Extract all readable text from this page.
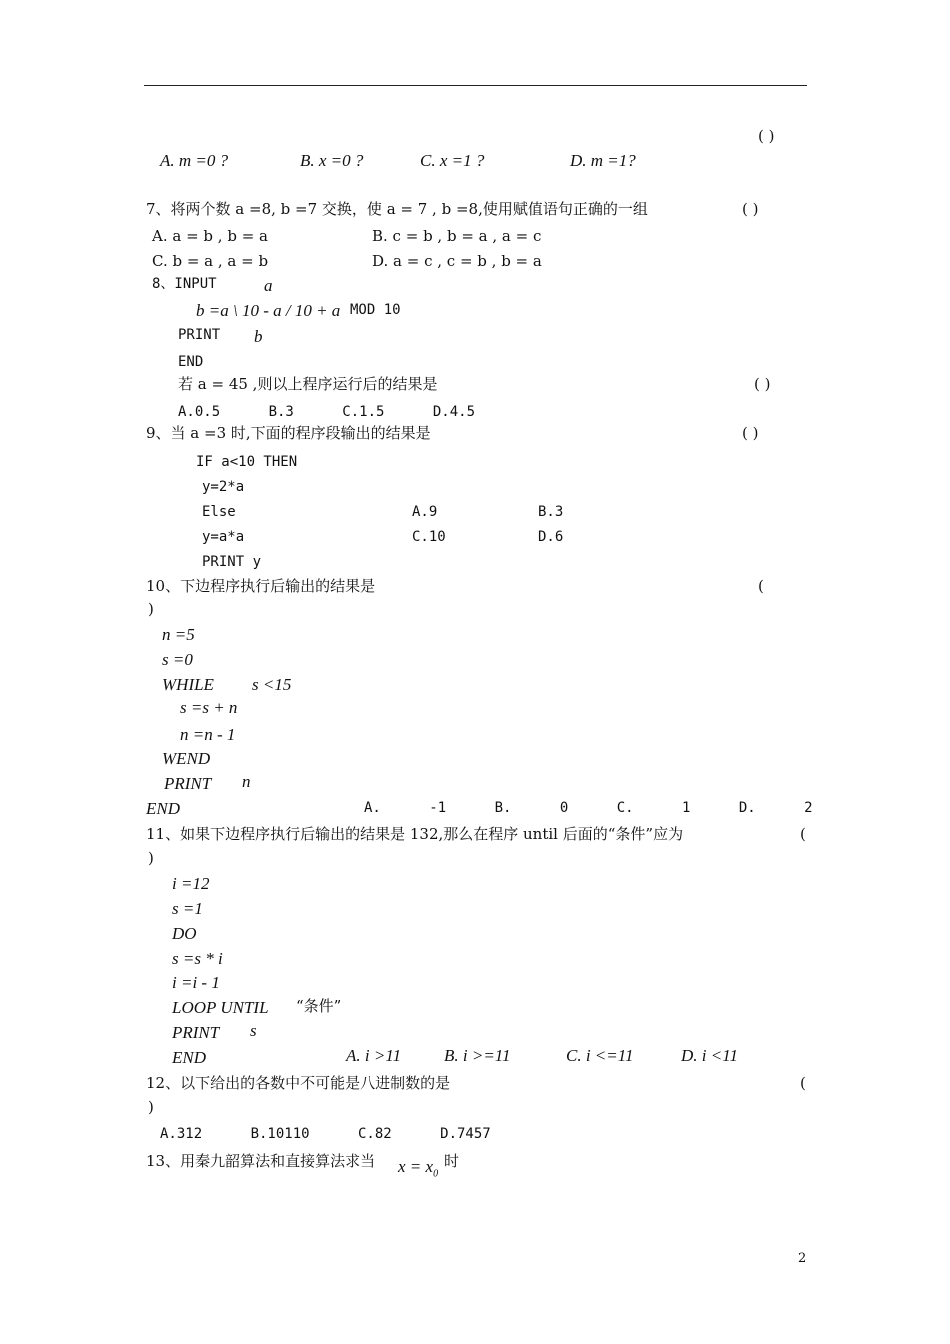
( )
A. m =0 ?	B. x =0 ?	C. x =1 ?	D. m =1?
7、将两个数 a =8, b =7 交换，使 a = 7 , b =8,使用赋值语句正确的一组	( )
A. a = b , b = a	B. c = b , b = a , a = c
C. b = a , a = b	D. a = c , c = b , b = a
8、INPUT	a
b =a \ 10 - a / 10 + a MOD 10
PRINT b
END
若 a = 45 ,则以上程序运行后的结果是	( )
A.0.5 B.3 C.1.5 D.4.5
9、当 a =3 时,下面的程序段输出的结果是	( )
IF a<10 THEN
y=2*a
Else
y=a*a
PRINT y
A.9	B.3
C.10	D.6
10、下边程序执行后输出的结果是	(
)
n =5
s =0
WHILE s <15
s =s + n
n =n - 1
WEND
PRINT n
END	A. -1 B. 0 C. 1 D. 2
11、如果下边程序执行后输出的结果是 132,那么在程序 until 后面的“条件”应为	(
)
i =12
s =1
DO
s =s * i
i =i - 1
LOOP UNTIL “条件”
PRINT s
END	A. i >11	B. i >=11	C. i <=11	D. i <11
12、以下给出的各数中不可能是八进制数的是	(
)
A.312 B.10110 C.82 D.7457
13、用秦九韶算法和直接算法求当 $x = x_0$
时
2
